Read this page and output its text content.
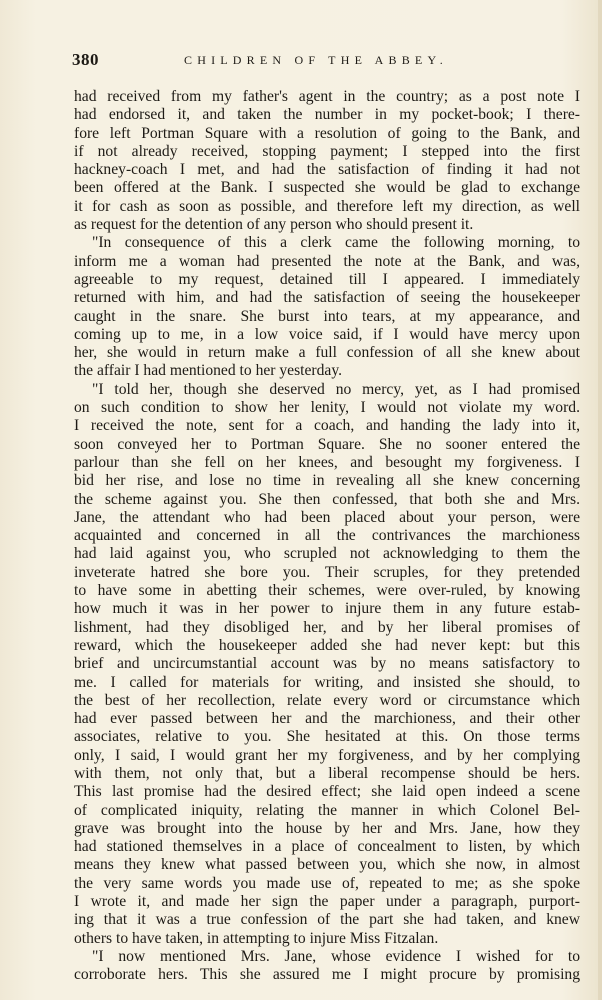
380	CHILDREN OF THE ABBEY.
had received from my father's agent in the country; as a post note I
had endorsed it, and taken the number in my pocket-book; I there-
fore left Portman Square with a resolution of going to the Bank, and
if not already received, stopping payment; I stepped into the first
hackney-coach I met, and had the satisfaction of finding it had not
been offered at the Bank. I suspected she would be glad to exchange
it for cash as soon as possible, and therefore left my direction, as well
as request for the detention of any person who should present it.
"In consequence of this a clerk came the following morning, to
inform me a woman had presented the note at the Bank, and was,
agreeable to my request, detained till I appeared. I immediately
returned with him, and had the satisfaction of seeing the housekeeper
caught in the snare. She burst into tears, at my appearance, and
coming up to me, in a low voice said, if I would have mercy upon
her, she would in return make a full confession of all she knew about
the affair I had mentioned to her yesterday.
"I told her, though she deserved no mercy, yet, as I had promised
on such condition to show her lenity, I would not violate my word.
I received the note, sent for a coach, and handing the lady into it,
soon conveyed her to Portman Square. She no sooner entered the
parlour than she fell on her knees, and besought my forgiveness. I
bid her rise, and lose no time in revealing all she knew concerning
the scheme against you. She then confessed, that both she and Mrs.
Jane, the attendant who had been placed about your person, were
acquainted and concerned in all the contrivances the marchioness
had laid against you, who scrupled not acknowledging to them the
inveterate hatred she bore you. Their scruples, for they pretended
to have some in abetting their schemes, were over-ruled, by knowing
how much it was in her power to injure them in any future estab-
lishment, had they disobliged her, and by her liberal promises of
reward, which the housekeeper added she had never kept: but this
brief and uncircumstantial account was by no means satisfactory to
me. I called for materials for writing, and insisted she should, to
the best of her recollection, relate every word or circumstance which
had ever passed between her and the marchioness, and their other
associates, relative to you. She hesitated at this. On those terms
only, I said, I would grant her my forgiveness, and by her complying
with them, not only that, but a liberal recompense should be hers.
This last promise had the desired effect; she laid open indeed a scene
of complicated iniquity, relating the manner in which Colonel Bel-
grave was brought into the house by her and Mrs. Jane, how they
had stationed themselves in a place of concealment to listen, by which
means they knew what passed between you, which she now, in almost
the very same words you made use of, repeated to me; as she spoke
I wrote it, and made her sign the paper under a paragraph, purport-
ing that it was a true confession of the part she had taken, and knew
others to have taken, in attempting to injure Miss Fitzalan.
"I now mentioned Mrs. Jane, whose evidence I wished for to
corroborate hers. This she assured me I might procure by promising
